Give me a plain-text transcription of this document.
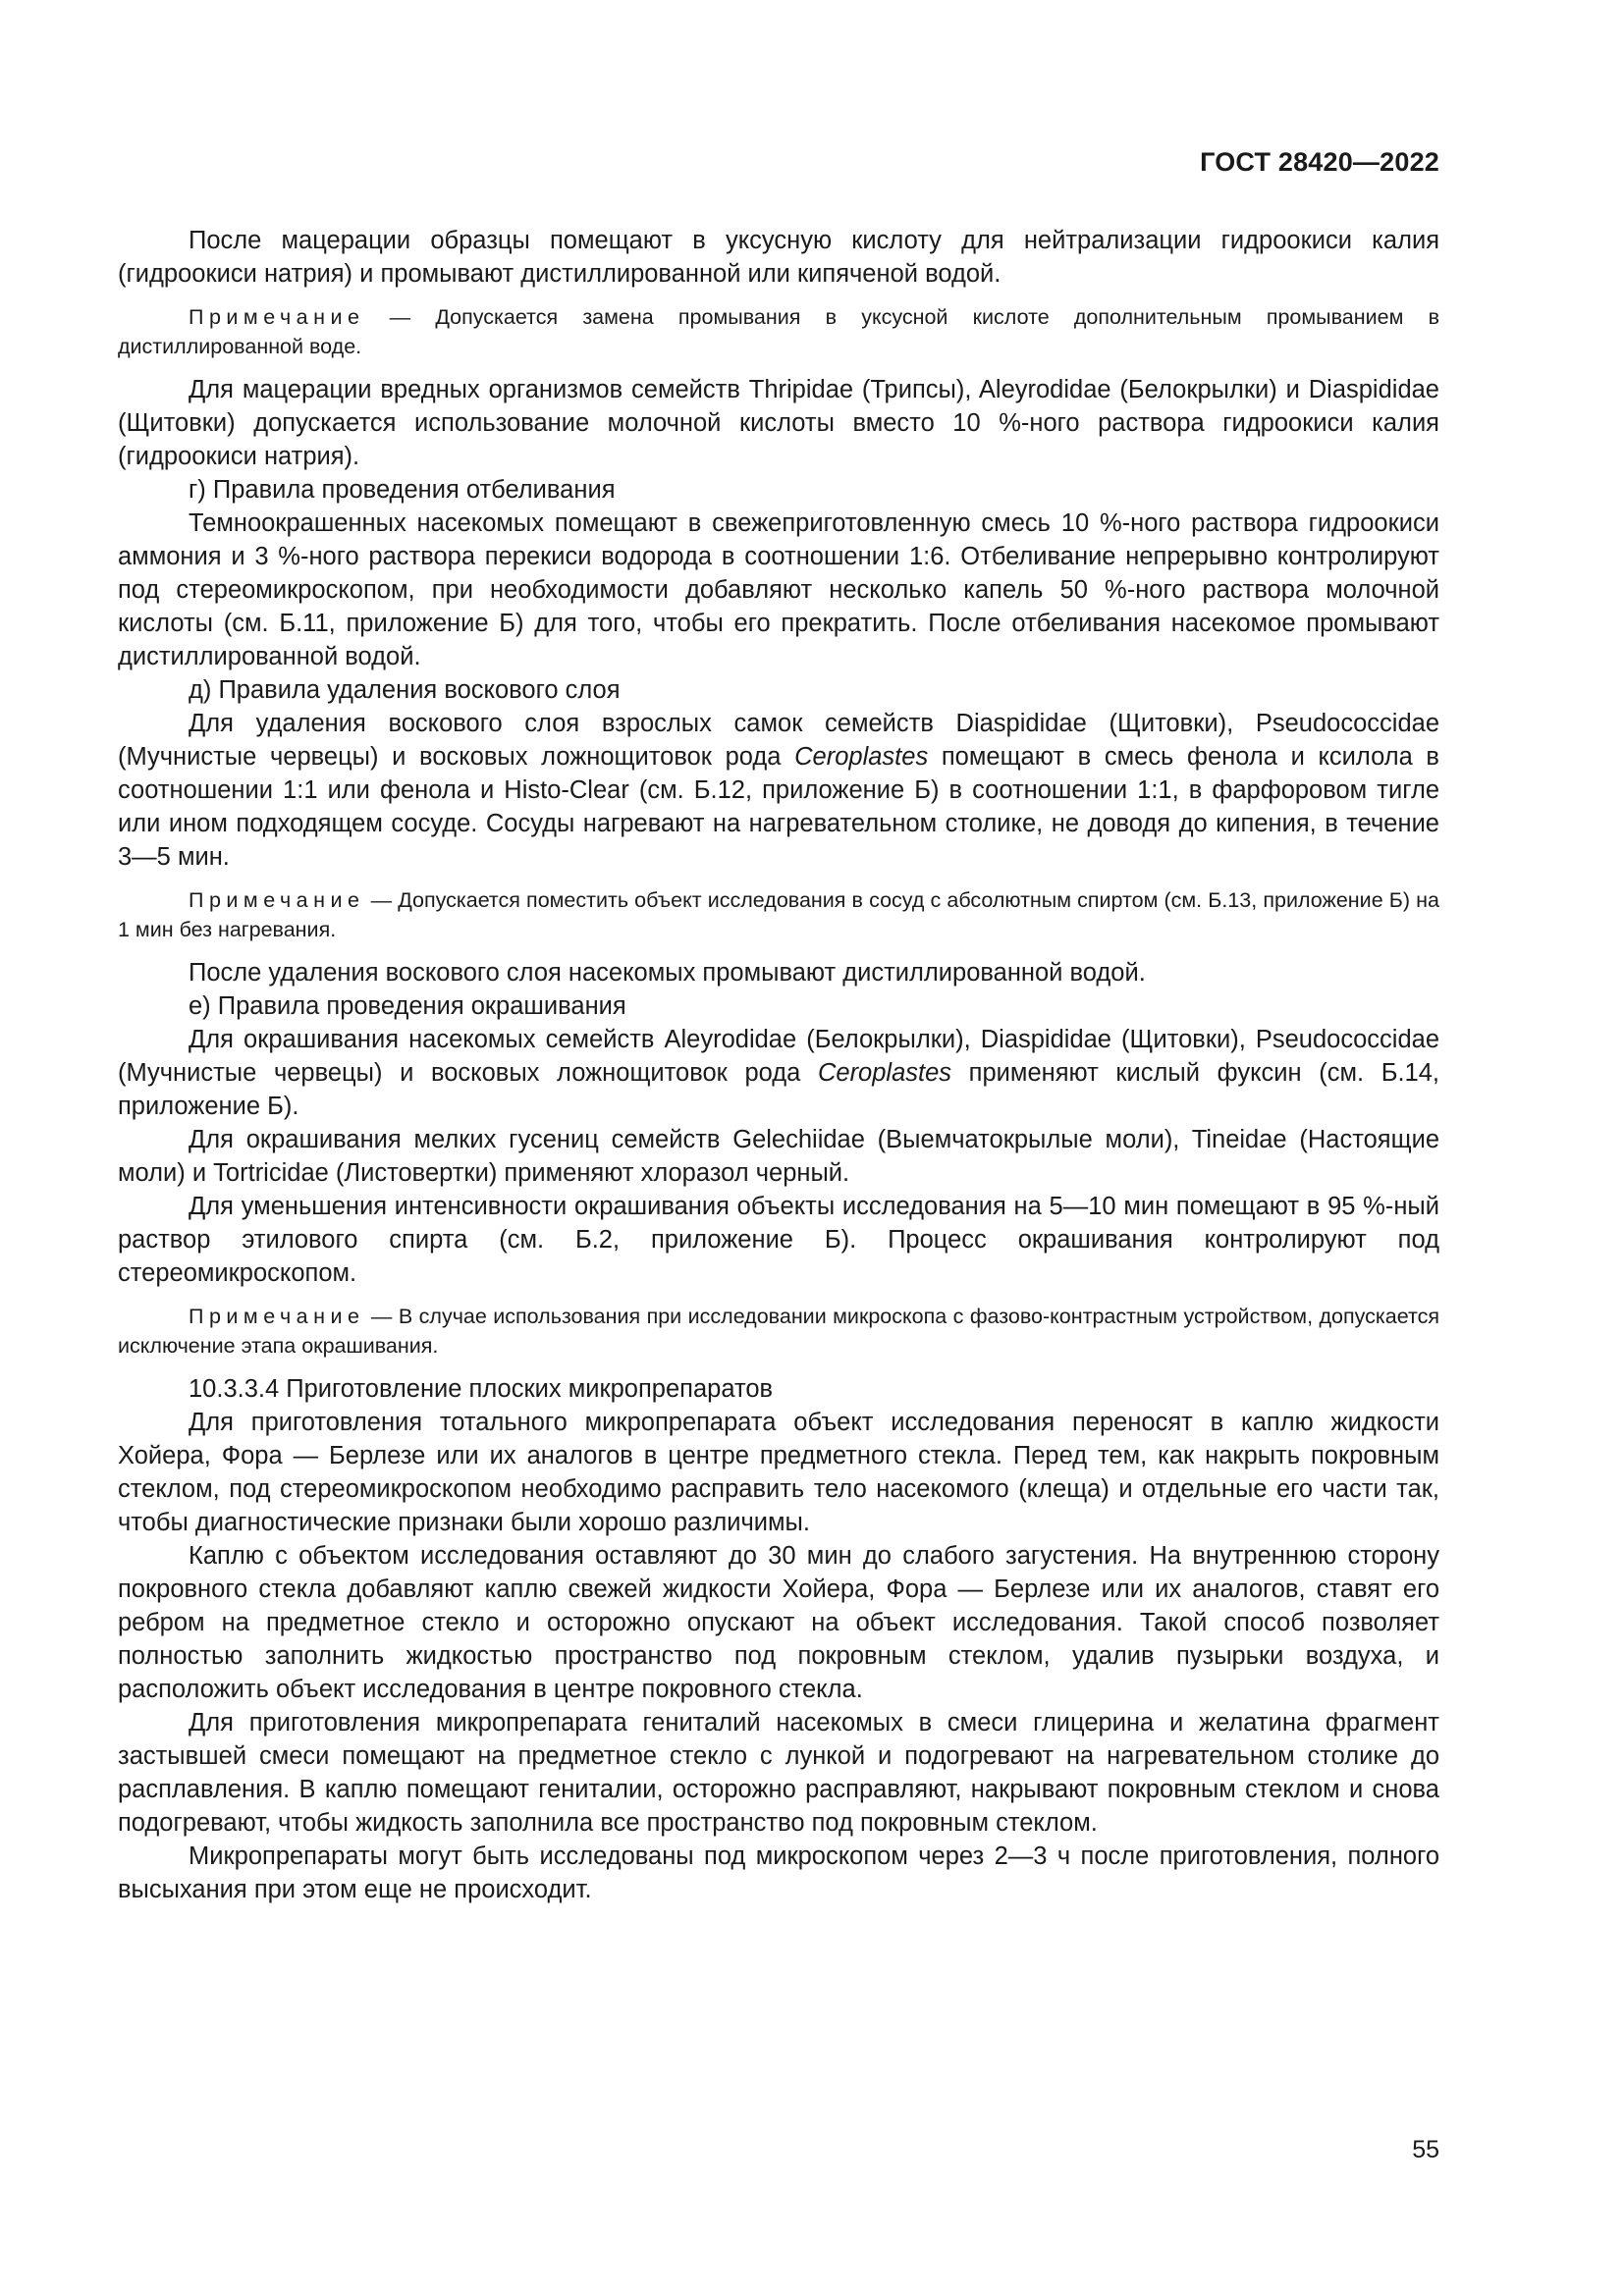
ГОСТ 28420—2022

После мацерации образцы помещают в уксусную кислоту для нейтрализации гидроокиси калия (гидроокиси натрия) и промывают дистиллированной или кипяченой водой.

Примечание — Допускается замена промывания в уксусной кислоте дополнительным промыванием в дистиллированной воде.

Для мацерации вредных организмов семейств Thripidae (Трипсы), Aleyrodidae (Белокрылки) и Diaspididae (Щитовки) допускается использование молочной кислоты вместо 10 %-ного раствора гидроокиси калия (гидроокиси натрия).

г) Правила проведения отбеливания

Темноокрашенных насекомых помещают в свежеприготовленную смесь 10 %-ного раствора гидроокиси аммония и 3 %-ного раствора перекиси водорода в соотношении 1:6. Отбеливание непрерывно контролируют под стереомикроскопом, при необходимости добавляют несколько капель 50 %-ного раствора молочной кислоты (см. Б.11, приложение Б) для того, чтобы его прекратить. После отбеливания насекомое промывают дистиллированной водой.

д) Правила удаления воскового слоя

Для удаления воскового слоя взрослых самок семейств Diaspididae (Щитовки), Pseudococcidae (Мучнистые червецы) и восковых ложнощитовок рода Ceroplastes помещают в смесь фенола и ксилола в соотношении 1:1 или фенола и Histo-Clear (см. Б.12, приложение Б) в соотношении 1:1, в фарфоровом тигле или ином подходящем сосуде. Сосуды нагревают на нагревательном столике, не доводя до кипения, в течение 3—5 мин.

Примечание — Допускается поместить объект исследования в сосуд с абсолютным спиртом (см. Б.13, приложение Б) на 1 мин без нагревания.

После удаления воскового слоя насекомых промывают дистиллированной водой.

е) Правила проведения окрашивания

Для окрашивания насекомых семейств Aleyrodidae (Белокрылки), Diaspididae (Щитовки), Pseudococcidae (Мучнистые червецы) и восковых ложнощитовок рода Ceroplastes применяют кислый фуксин (см. Б.14, приложение Б).

Для окрашивания мелких гусениц семейств Gelechiidae (Выемчатокрылые моли), Tineidae (Настоящие моли) и Tortricidae (Листовертки) применяют хлоразол черный.

Для уменьшения интенсивности окрашивания объекты исследования на 5—10 мин помещают в 95 %-ный раствор этилового спирта (см. Б.2, приложение Б). Процесс окрашивания контролируют под стереомикроскопом.

Примечание — В случае использования при исследовании микроскопа с фазово-контрастным устройством, допускается исключение этапа окрашивания.

10.3.3.4 Приготовление плоских микропрепаратов

Для приготовления тотального микропрепарата объект исследования переносят в каплю жидкости Хойера, Фора — Берлезе или их аналогов в центре предметного стекла. Перед тем, как накрыть покровным стеклом, под стереомикроскопом необходимо расправить тело насекомого (клеща) и отдельные его части так, чтобы диагностические признаки были хорошо различимы.

Каплю с объектом исследования оставляют до 30 мин до слабого загустения. На внутреннюю сторону покровного стекла добавляют каплю свежей жидкости Хойера, Фора — Берлезе или их аналогов, ставят его ребром на предметное стекло и осторожно опускают на объект исследования. Такой способ позволяет полностью заполнить жидкостью пространство под покровным стеклом, удалив пузырьки воздуха, и расположить объект исследования в центре покровного стекла.

Для приготовления микропрепарата гениталий насекомых в смеси глицерина и желатина фрагмент застывшей смеси помещают на предметное стекло с лункой и подогревают на нагревательном столике до расплавления. В каплю помещают гениталии, осторожно расправляют, накрывают покровным стеклом и снова подогревают, чтобы жидкость заполнила все пространство под покровным стеклом.

Микропрепараты могут быть исследованы под микроскопом через 2—3 ч после приготовления, полного высыхания при этом еще не происходит.

55
